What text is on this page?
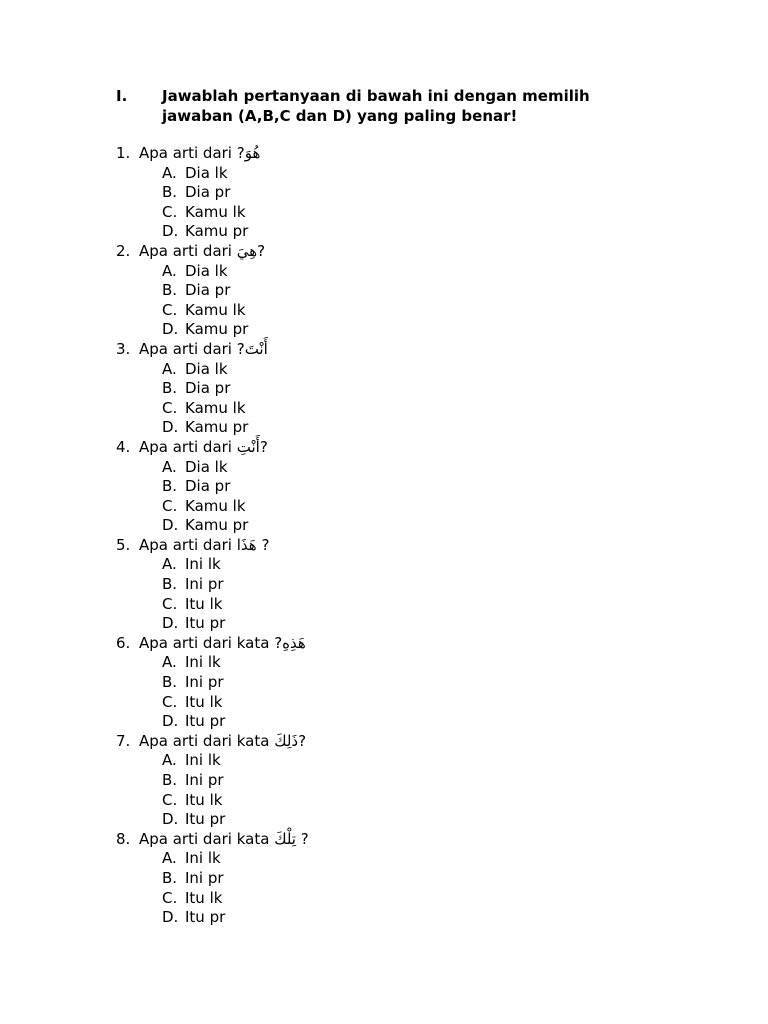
I. Jawablah pertanyaan di bawah ini dengan memilih
jawaban (A,B,C dan D) yang paling benar!
1. Apa arti dari ?هُوَ
A. Dia lk
B. Dia pr
C. Kamu lk
D. Kamu pr
2. Apa arti dari هِيَ?
A. Dia lk
B. Dia pr
C. Kamu lk
D. Kamu pr
3. Apa arti dari ?أَنْتَ
A. Dia lk
B. Dia pr
C. Kamu lk
D. Kamu pr
4. Apa arti dari أَنْتِ?
A. Dia lk
B. Dia pr
C. Kamu lk
D. Kamu pr
5. Apa arti dari هَذَا ?
A. Ini lk
B. Ini pr
C. Itu lk
D. Itu pr
6. Apa arti dari kata ?هَذِهِ
A. Ini lk
B. Ini pr
C. Itu lk
D. Itu pr
7. Apa arti dari kata ذَلِكَ?
A. Ini lk
B. Ini pr
C. Itu lk
D. Itu pr
8. Apa arti dari kata تِلْكَ ?
A. Ini lk
B. Ini pr
C. Itu lk
D. Itu pr
